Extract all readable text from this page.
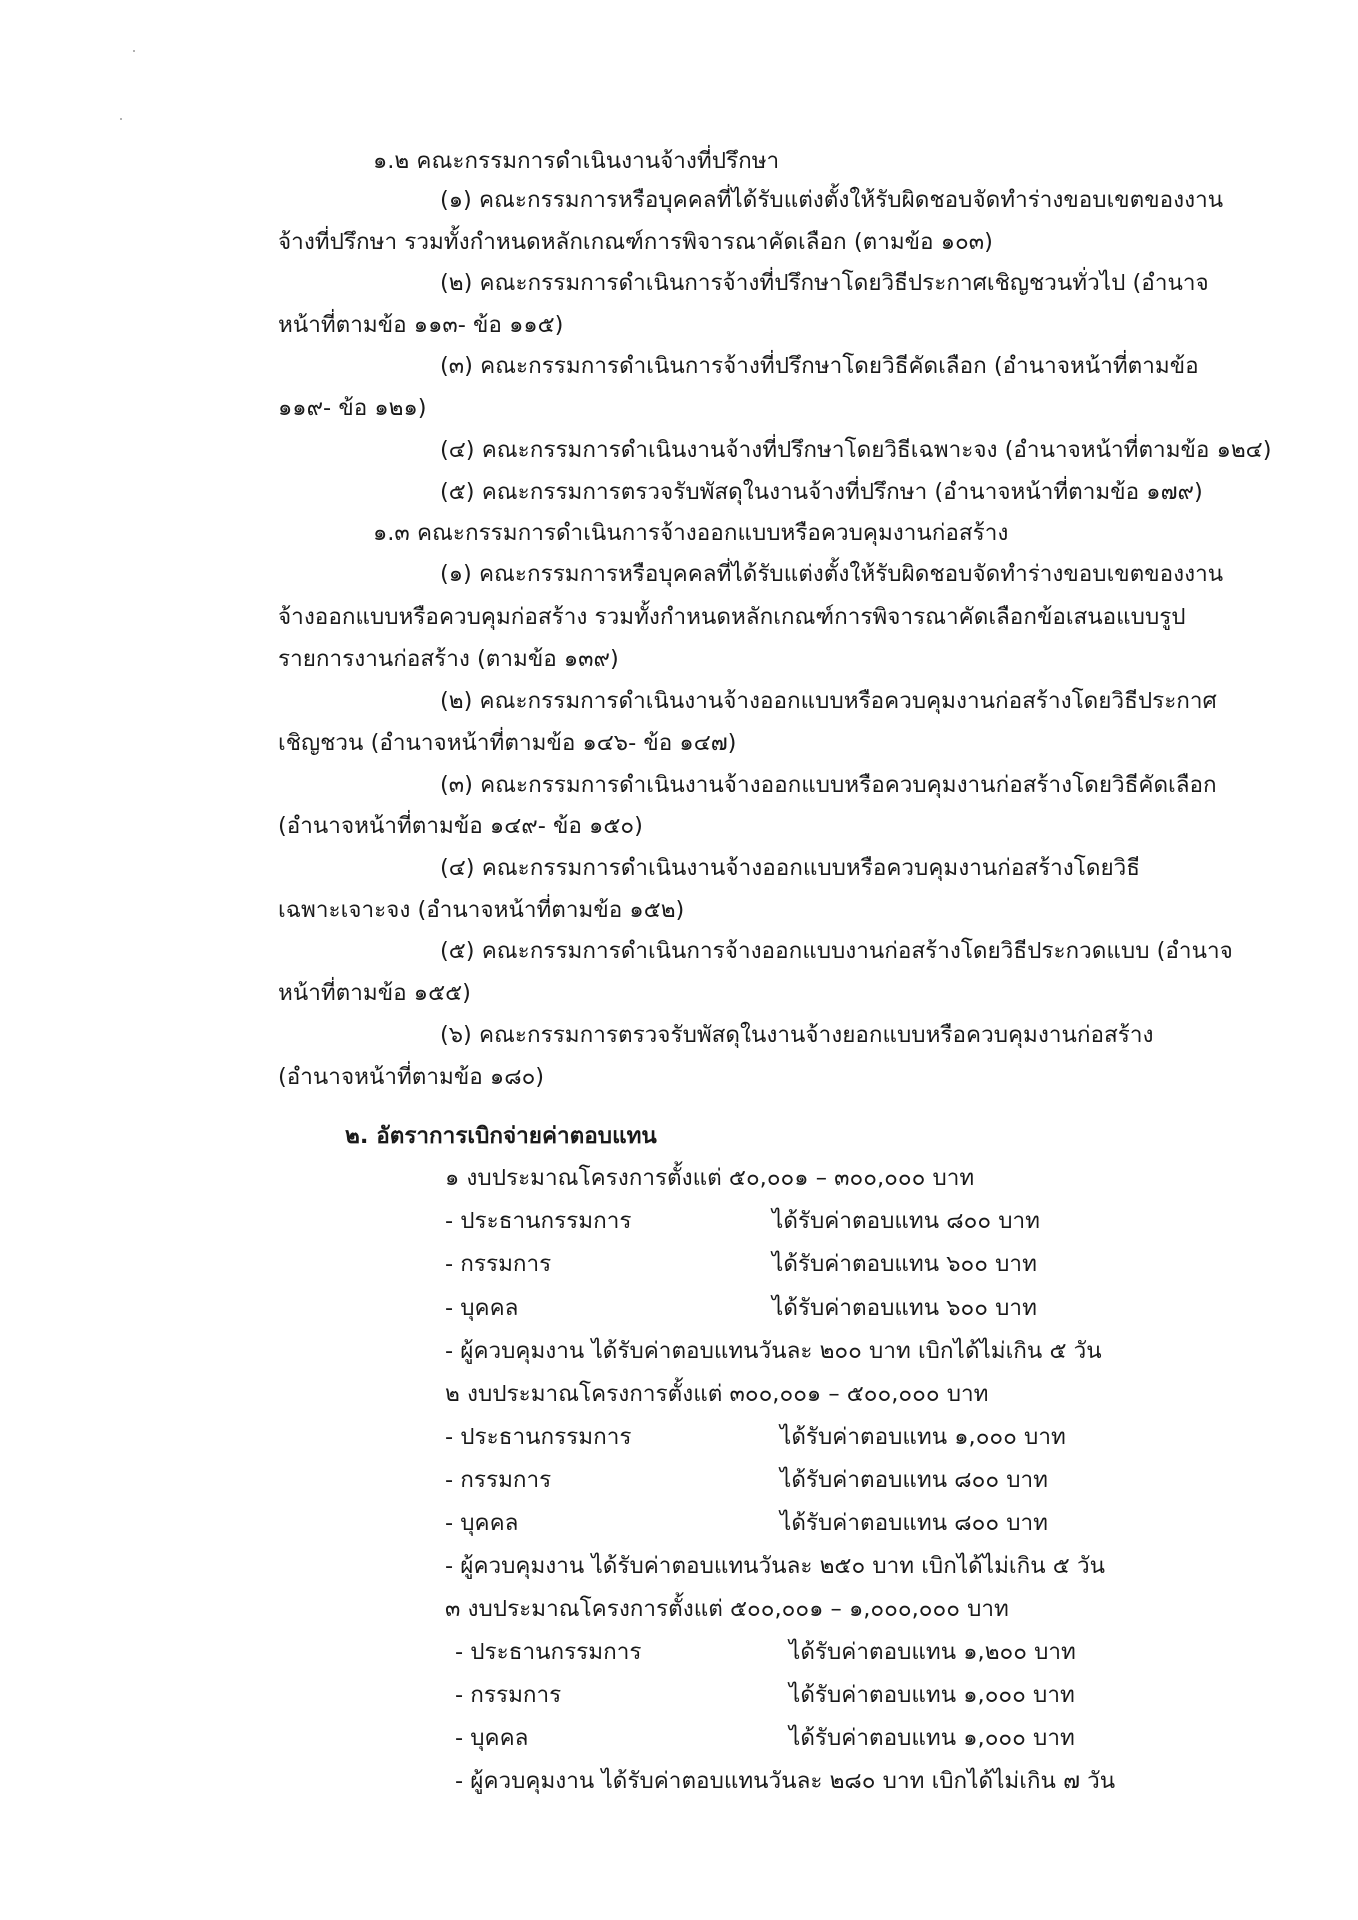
๑.๒ คณะกรรมการดำเนินงานจ้างที่ปรึกษา
(๑) คณะกรรมการหรือบุคคลที่ได้รับแต่งตั้งให้รับผิดชอบจัดทำร่างขอบเขตของงาน
จ้างที่ปรึกษา รวมทั้งกำหนดหลักเกณฑ์การพิจารณาคัดเลือก (ตามข้อ ๑๐๓)
(๒) คณะกรรมการดำเนินการจ้างที่ปรึกษาโดยวิธีประกาศเชิญชวนทั่วไป (อำนาจ
หน้าที่ตามข้อ ๑๑๓- ข้อ ๑๑๕)
(๓) คณะกรรมการดำเนินการจ้างที่ปรึกษาโดยวิธีคัดเลือก (อำนาจหน้าที่ตามข้อ
๑๑๙- ข้อ ๑๒๑)
(๔) คณะกรรมการดำเนินงานจ้างที่ปรึกษาโดยวิธีเฉพาะจง (อำนาจหน้าที่ตามข้อ ๑๒๔)
(๕) คณะกรรมการตรวจรับพัสดุในงานจ้างที่ปรึกษา (อำนาจหน้าที่ตามข้อ ๑๗๙)
๑.๓ คณะกรรมการดำเนินการจ้างออกแบบหรือควบคุมงานก่อสร้าง
(๑) คณะกรรมการหรือบุคคลที่ได้รับแต่งตั้งให้รับผิดชอบจัดทำร่างขอบเขตของงาน
จ้างออกแบบหรือควบคุมก่อสร้าง รวมทั้งกำหนดหลักเกณฑ์การพิจารณาคัดเลือกข้อเสนอแบบรูป
รายการงานก่อสร้าง (ตามข้อ ๑๓๙)
(๒) คณะกรรมการดำเนินงานจ้างออกแบบหรือควบคุมงานก่อสร้างโดยวิธีประกาศ
เชิญชวน (อำนาจหน้าที่ตามข้อ ๑๔๖- ข้อ ๑๔๗)
(๓) คณะกรรมการดำเนินงานจ้างออกแบบหรือควบคุมงานก่อสร้างโดยวิธีคัดเลือก
(อำนาจหน้าที่ตามข้อ ๑๔๙- ข้อ ๑๕๐)
(๔) คณะกรรมการดำเนินงานจ้างออกแบบหรือควบคุมงานก่อสร้างโดยวิธี
เฉพาะเจาะจง (อำนาจหน้าที่ตามข้อ ๑๕๒)
(๕) คณะกรรมการดำเนินการจ้างออกแบบงานก่อสร้างโดยวิธีประกวดแบบ (อำนาจ
หน้าที่ตามข้อ ๑๕๕)
(๖) คณะกรรมการตรวจรับพัสดุในงานจ้างยอกแบบหรือควบคุมงานก่อสร้าง
(อำนาจหน้าที่ตามข้อ ๑๘๐)
๒. อัตราการเบิกจ่ายค่าตอบแทน
๑ งบประมาณโครงการตั้งแต่ ๕๐,๐๐๑ – ๓๐๐,๐๐๐ บาท
- ประธานกรรมการ	ได้รับค่าตอบแทน ๘๐๐ บาท
- กรรมการ	ได้รับค่าตอบแทน ๖๐๐ บาท
- บุคคล	ได้รับค่าตอบแทน ๖๐๐ บาท
- ผู้ควบคุมงาน ได้รับค่าตอบแทนวันละ ๒๐๐ บาท เบิกได้ไม่เกิน ๕ วัน
๒ งบประมาณโครงการตั้งแต่ ๓๐๐,๐๐๑ – ๕๐๐,๐๐๐ บาท
- ประธานกรรมการ	ได้รับค่าตอบแทน ๑,๐๐๐ บาท
- กรรมการ	ได้รับค่าตอบแทน ๘๐๐ บาท
- บุคคล	ได้รับค่าตอบแทน ๘๐๐ บาท
- ผู้ควบคุมงาน ได้รับค่าตอบแทนวันละ ๒๕๐ บาท เบิกได้ไม่เกิน ๕ วัน
๓ งบประมาณโครงการตั้งแต่ ๕๐๐,๐๐๑ – ๑,๐๐๐,๐๐๐ บาท
- ประธานกรรมการ	ได้รับค่าตอบแทน ๑,๒๐๐ บาท
- กรรมการ	ได้รับค่าตอบแทน ๑,๐๐๐ บาท
- บุคคล	ได้รับค่าตอบแทน ๑,๐๐๐ บาท
- ผู้ควบคุมงาน ได้รับค่าตอบแทนวันละ ๒๘๐ บาท เบิกได้ไม่เกิน ๗ วัน
